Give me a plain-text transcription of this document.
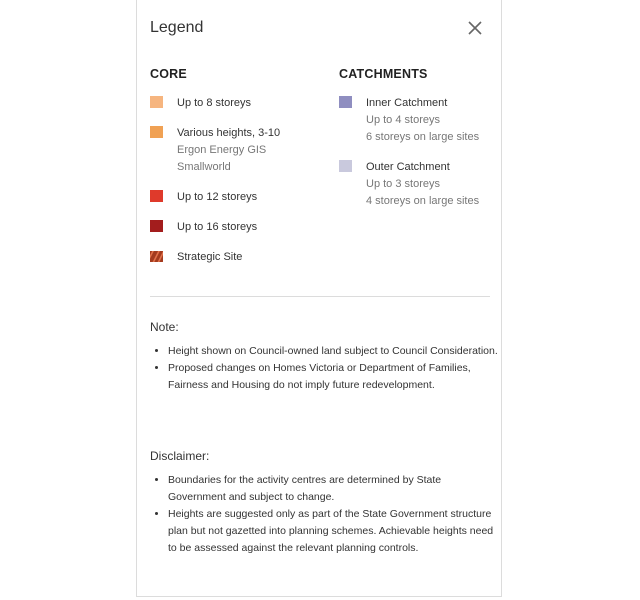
Legend
CORE
Up to 8 storeys
Various heights, 3-10
Ergon Energy GIS
Smallworld
Up to 12 storeys
Up to 16 storeys
Strategic Site
CATCHMENTS
Inner Catchment
Up to 4 storeys
6 storeys on large sites
Outer Catchment
Up to 3 storeys
4 storeys on large sites
Note:
• Height shown on Council-owned land subject to Council Consideration.
• Proposed changes on Homes Victoria or Department of Families, Fairness and Housing do not imply future redevelopment.
Disclaimer:
• Boundaries for the activity centres are determined by State Government and subject to change.
• Heights are suggested only as part of the State Government structure plan but not gazetted into planning schemes. Achievable heights need to be assessed against the relevant planning controls.
